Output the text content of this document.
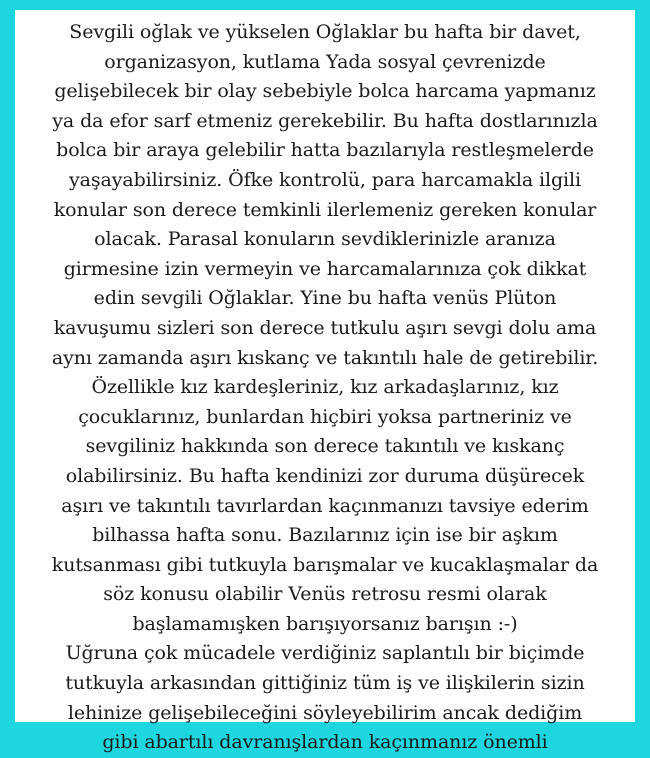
Sevgili oğlak ve yükselen Oğlaklar bu hafta bir davet,
organizasyon, kutlama Yada sosyal çevrenizde
gelişebilecek bir olay sebebiyle bolca harcama yapmanız
ya da efor sarf etmeniz gerekebilir. Bu hafta dostlarınızla
bolca bir araya gelebilir hatta bazılarıyla restleşmelerde
yaşayabilirsiniz. Öfke kontrolü, para harcamakla ilgili
konular son derece temkinli ilerlemeniz gereken konular
olacak. Parasal konuların sevdiklerinizle aranıza
girmesine izin vermeyin ve harcamalarınıza çok dikkat
edin sevgili Oğlaklar. Yine bu hafta venüs Plüton
kavuşumu sizleri son derece tutkulu aşırı sevgi dolu ama
aynı zamanda aşırı kıskanç ve takıntılı hale de getirebilir.
Özellikle kız kardeşleriniz, kız arkadaşlarınız, kız
çocuklarınız, bunlardan hiçbiri yoksa partneriniz ve
sevgiliniz hakkında son derece takıntılı ve kıskanç
olabilirsiniz. Bu hafta kendinizi zor duruma düşürecek
aşırı ve takıntılı tavırlardan kaçınmanızı tavsiye ederim
bilhassa hafta sonu. Bazılarınız için ise bir aşkım
kutsanması gibi tutkuyla barışmalar ve kucaklaşmalar da
söz konusu olabilir Venüs retrosu resmi olarak
başlamamışken barışıyorsanız barışın :-)
Uğruna çok mücadele verdiğiniz saplantılı bir biçimde
tutkuyla arkasından gittiğiniz tüm iş ve ilişkilerin sizin
lehinize gelişebileceğini söyleyebilirim ancak dediğim
gibi abartılı davranışlardan kaçınmanız önemli
